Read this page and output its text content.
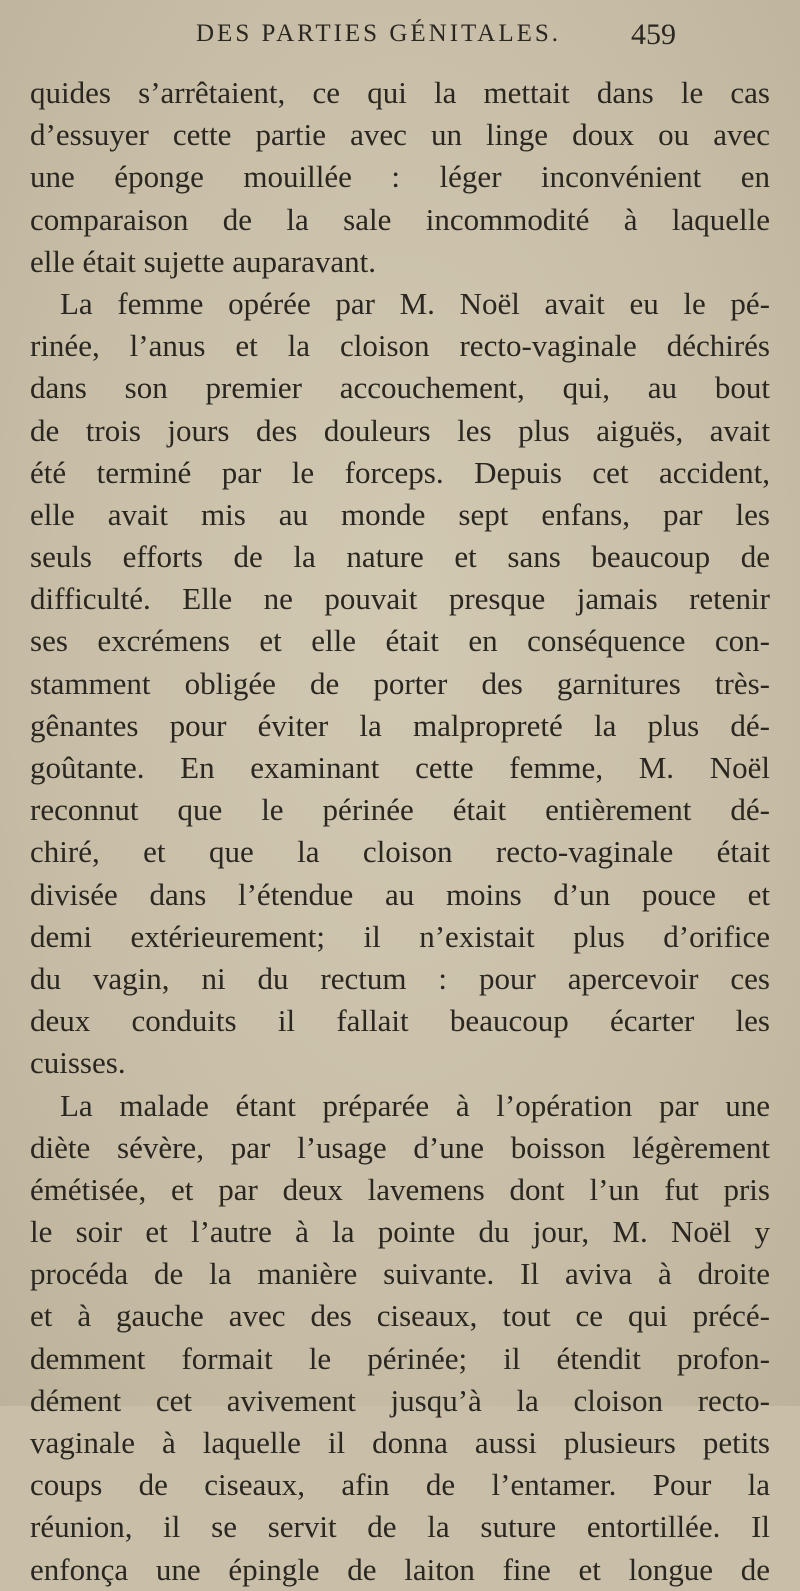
DES PARTIES GÉNITALES. 459
quides s’arrêtaient, ce qui la mettait dans le cas
d’essuyer cette partie avec un linge doux ou avec
une éponge mouillée : léger inconvénient en
comparaison de la sale incommodité à laquelle
elle était sujette auparavant.
La femme opérée par M. Noël avait eu le pé-
rinée, l’anus et la cloison recto-vaginale déchirés
dans son premier accouchement, qui, au bout
de trois jours des douleurs les plus aiguës, avait
été terminé par le forceps. Depuis cet accident,
elle avait mis au monde sept enfans, par les
seuls efforts de la nature et sans beaucoup de
difficulté. Elle ne pouvait presque jamais retenir
ses excrémens et elle était en conséquence con-
stamment obligée de porter des garnitures très-
gênantes pour éviter la malpropreté la plus dé-
goûtante. En examinant cette femme, M. Noël
reconnut que le périnée était entièrement dé-
chiré, et que la cloison recto-vaginale était
divisée dans l’étendue au moins d’un pouce et
demi extérieurement; il n’existait plus d’orifice
du vagin, ni du rectum : pour apercevoir ces
deux conduits il fallait beaucoup écarter les
cuisses.
La malade étant préparée à l’opération par une
diète sévère, par l’usage d’une boisson légèrement
émétisée, et par deux lavemens dont l’un fut pris
le soir et l’autre à la pointe du jour, M. Noël y
procéda de la manière suivante. Il aviva à droite
et à gauche avec des ciseaux, tout ce qui précé-
demment formait le périnée; il étendit profon-
dément cet avivement jusqu’à la cloison recto-
vaginale à laquelle il donna aussi plusieurs petits
coups de ciseaux, afin de l’entamer. Pour la
réunion, il se servit de la suture entortillée. Il
enfonça une épingle de laiton fine et longue de
